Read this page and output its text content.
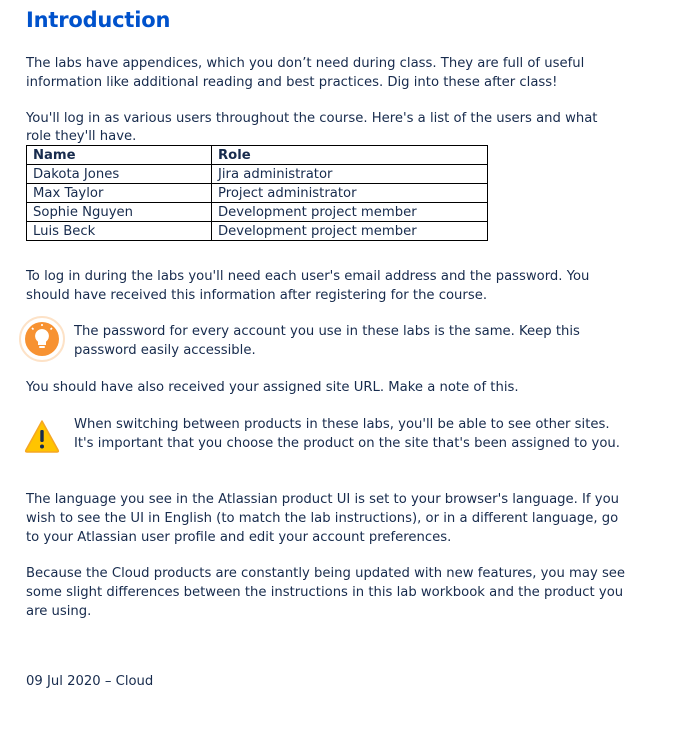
Introduction

The labs have appendices, which you don’t need during class. They are full of useful information like additional reading and best practices. Dig into these after class!

You'll log in as various users throughout the course. Here's a list of the users and what role they'll have.

Name	Role
Dakota Jones	Jira administrator
Max Taylor	Project administrator
Sophie Nguyen	Development project member
Luis Beck	Development project member

To log in during the labs you'll need each user's email address and the password. You should have received this information after registering for the course.

The password for every account you use in these labs is the same. Keep this password easily accessible.

You should have also received your assigned site URL. Make a note of this.

When switching between products in these labs, you'll be able to see other sites. It's important that you choose the product on the site that's been assigned to you.

The language you see in the Atlassian product UI is set to your browser's language. If you wish to see the UI in English (to match the lab instructions), or in a different language, go to your Atlassian user profile and edit your account preferences.

Because the Cloud products are constantly being updated with new features, you may see some slight differences between the instructions in this lab workbook and the product you are using.

09 Jul 2020 – Cloud
